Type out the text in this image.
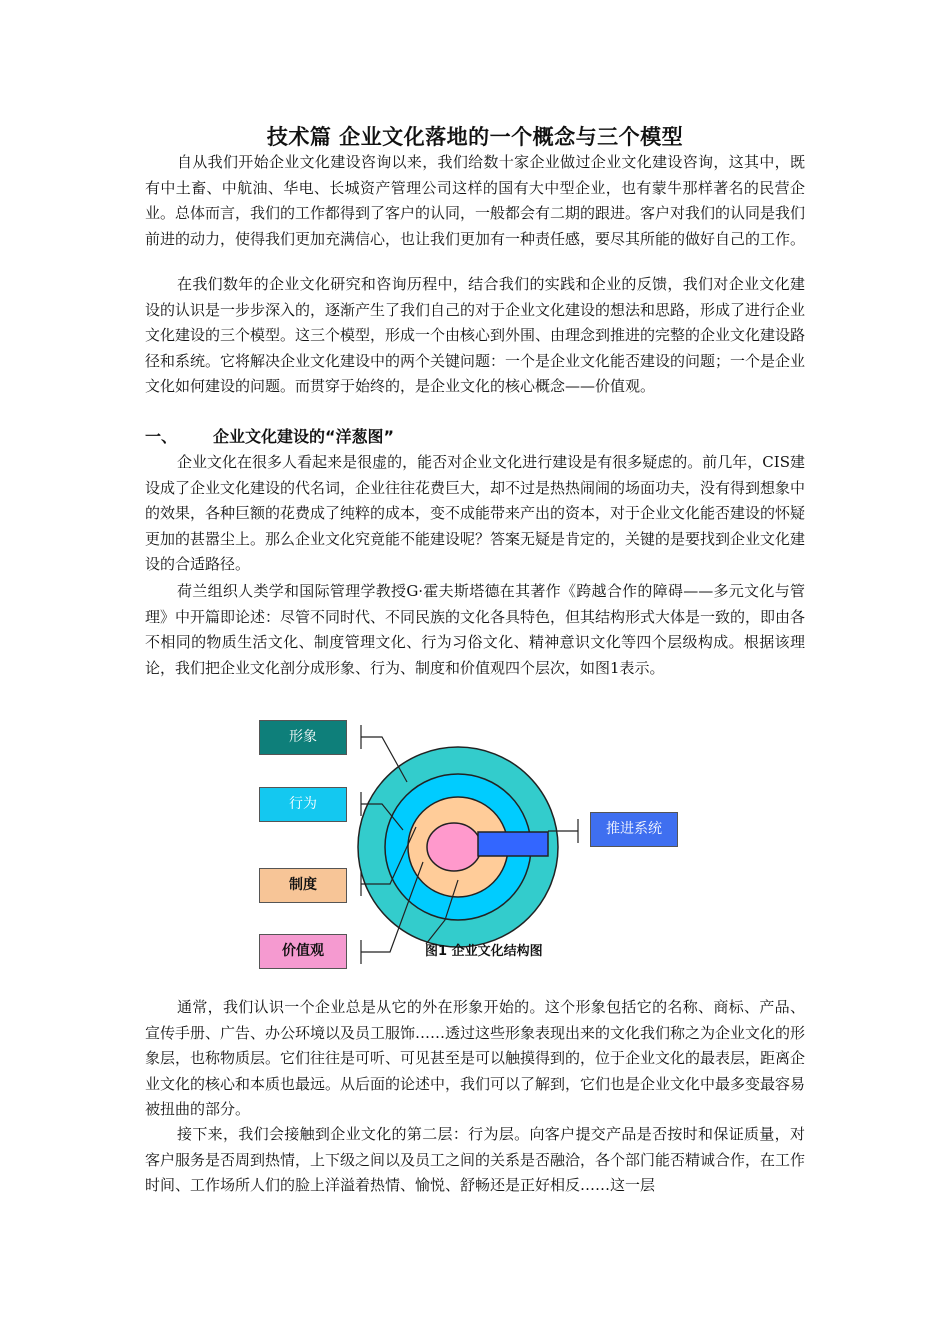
技术篇 企业文化落地的一个概念与三个模型

自从我们开始企业文化建设咨询以来，我们给数十家企业做过企业文化建设咨询，这其中，既有中土畜、中航油、华电、长城资产管理公司这样的国有大中型企业，也有蒙牛那样著名的民营企业。总体而言，我们的工作都得到了客户的认同，一般都会有二期的跟进。客户对我们的认同是我们前进的动力，使得我们更加充满信心，也让我们更加有一种责任感，要尽其所能的做好自己的工作。

在我们数年的企业文化研究和咨询历程中，结合我们的实践和企业的反馈，我们对企业文化建设的认识是一步步深入的，逐渐产生了我们自己的对于企业文化建设的想法和思路，形成了进行企业文化建设的三个模型。这三个模型，形成一个由核心到外围、由理念到推进的完整的企业文化建设路径和系统。它将解决企业文化建设中的两个关键问题：一个是企业文化能否建设的问题；一个是企业文化如何建设的问题。而贯穿于始终的，是企业文化的核心概念——价值观。

一、 企业文化建设的“洋葱图”

企业文化在很多人看起来是很虚的，能否对企业文化进行建设是有很多疑虑的。前几年，CIS建设成了企业文化建设的代名词，企业往往花费巨大，却不过是热热闹闹的场面功夫，没有得到想象中的效果，各种巨额的花费成了纯粹的成本，变不成能带来产出的资本，对于企业文化能否建设的怀疑更加的甚嚣尘上。那么企业文化究竟能不能建设呢？答案无疑是肯定的，关键的是要找到企业文化建设的合适路径。

荷兰组织人类学和国际管理学教授G·霍夫斯塔德在其著作《跨越合作的障碍——多元文化与管理》中开篇即论述：尽管不同时代、不同民族的文化各具特色，但其结构形式大体是一致的，即由各不相同的物质生活文化、制度管理文化、行为习俗文化、精神意识文化等四个层级构成。根据该理论，我们把企业文化剖分成形象、行为、制度和价值观四个层次，如图1表示。

形象
行为
制度
价值观
推进系统
图1 企业文化结构图

通常，我们认识一个企业总是从它的外在形象开始的。这个形象包括它的名称、商标、产品、宣传手册、广告、办公环境以及员工服饰……透过这些形象表现出来的文化我们称之为企业文化的形象层，也称物质层。它们往往是可听、可见甚至是可以触摸得到的，位于企业文化的最表层，距离企业文化的核心和本质也最远。从后面的论述中，我们可以了解到，它们也是企业文化中最多变最容易被扭曲的部分。

接下来，我们会接触到企业文化的第二层：行为层。向客户提交产品是否按时和保证质量，对客户服务是否周到热情，上下级之间以及员工之间的关系是否融洽，各个部门能否精诚合作，在工作时间、工作场所人们的脸上洋溢着热情、愉悦、舒畅还是正好相反……这一层
